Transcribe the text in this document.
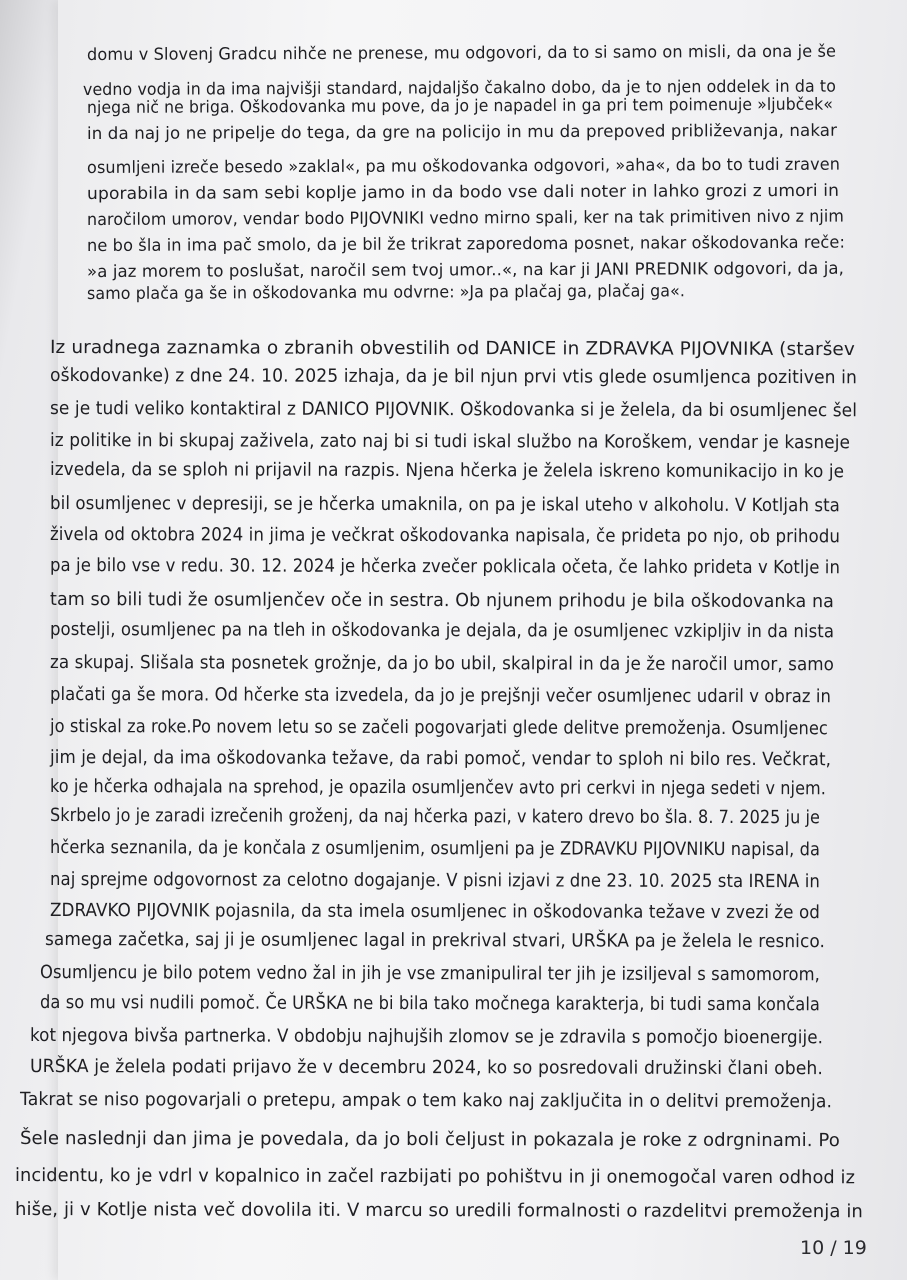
domu v Slovenj Gradcu nihče ne prenese, mu odgovori, da to si samo on misli, da ona je še
vedno vodja in da ima najvišji standard, najdaljšo čakalno dobo, da je to njen oddelek in da to
njega nič ne briga. Oškodovanka mu pove, da jo je napadel in ga pri tem poimenuje »ljubček«
in da naj jo ne pripelje do tega, da gre na policijo in mu da prepoved približevanja, nakar
osumljeni izreče besedo »zaklal«, pa mu oškodovanka odgovori, »aha«, da bo to tudi zraven
uporabila in da sam sebi koplje jamo in da bodo vse dali noter in lahko grozi z umori in
naročilom umorov, vendar bodo PIJOVNIKI vedno mirno spali, ker na tak primitiven nivo z njim
ne bo šla in ima pač smolo, da je bil že trikrat zaporedoma posnet, nakar oškodovanka reče:
»a jaz morem to poslušat, naročil sem tvoj umor..«, na kar ji JANI PREDNIK odgovori, da ja,
samo plača ga še in oškodovanka mu odvrne: »Ja pa plačaj ga, plačaj ga«.
Iz uradnega zaznamka o zbranih obvestilih od DANICE in ZDRAVKA PIJOVNIKA (staršev
oškodovanke) z dne 24. 10. 2025 izhaja, da je bil njun prvi vtis glede osumljenca pozitiven in
se je tudi veliko kontaktiral z DANICO PIJOVNIK. Oškodovanka si je želela, da bi osumljenec šel
iz politike in bi skupaj zaživela, zato naj bi si tudi iskal službo na Koroškem, vendar je kasneje
izvedela, da se sploh ni prijavil na razpis. Njena hčerka je želela iskreno komunikacijo in ko je
bil osumljenec v depresiji, se je hčerka umaknila, on pa je iskal uteho v alkoholu. V Kotljah sta
živela od oktobra 2024 in jima je večkrat oškodovanka napisala, če prideta po njo, ob prihodu
pa je bilo vse v redu. 30. 12. 2024 je hčerka zvečer poklicala očeta, če lahko prideta v Kotlje in
tam so bili tudi že osumljenčev oče in sestra. Ob njunem prihodu je bila oškodovanka na
postelji, osumljenec pa na tleh in oškodovanka je dejala, da je osumljenec vzkipljiv in da nista
za skupaj. Slišala sta posnetek grožnje, da jo bo ubil, skalpiral in da je že naročil umor, samo
plačati ga še mora. Od hčerke sta izvedela, da jo je prejšnji večer osumljenec udaril v obraz in
jo stiskal za roke.Po novem letu so se začeli pogovarjati glede delitve premoženja. Osumljenec
jim je dejal, da ima oškodovanka težave, da rabi pomoč, vendar to sploh ni bilo res. Večkrat,
ko je hčerka odhajala na sprehod, je opazila osumljenčev avto pri cerkvi in njega sedeti v njem.
Skrbelo jo je zaradi izrečenih groženj, da naj hčerka pazi, v katero drevo bo šla. 8. 7. 2025 ju je
hčerka seznanila, da je končala z osumljenim, osumljeni pa je ZDRAVKU PIJOVNIKU napisal, da
naj sprejme odgovornost za celotno dogajanje. V pisni izjavi z dne 23. 10. 2025 sta IRENA in
ZDRAVKO PIJOVNIK pojasnila, da sta imela osumljenec in oškodovanka težave v zvezi že od
samega začetka, saj ji je osumljenec lagal in prekrival stvari, URŠKA pa je želela le resnico.
Osumljencu je bilo potem vedno žal in jih je vse zmanipuliral ter jih je izsiljeval s samomorom,
da so mu vsi nudili pomoč. Če URŠKA ne bi bila tako močnega karakterja, bi tudi sama končala
kot njegova bivša partnerka. V obdobju najhujših zlomov se je zdravila s pomočjo bioenergije.
URŠKA je želela podati prijavo že v decembru 2024, ko so posredovali družinski člani obeh.
Takrat se niso pogovarjali o pretepu, ampak o tem kako naj zaključita in o delitvi premoženja.
Šele naslednji dan jima je povedala, da jo boli čeljust in pokazala je roke z odrgninami. Po
incidentu, ko je vdrl v kopalnico in začel razbijati po pohištvu in ji onemogočal varen odhod iz
hiše, ji v Kotlje nista več dovolila iti. V marcu so uredili formalnosti o razdelitvi premoženja in
10 / 19
